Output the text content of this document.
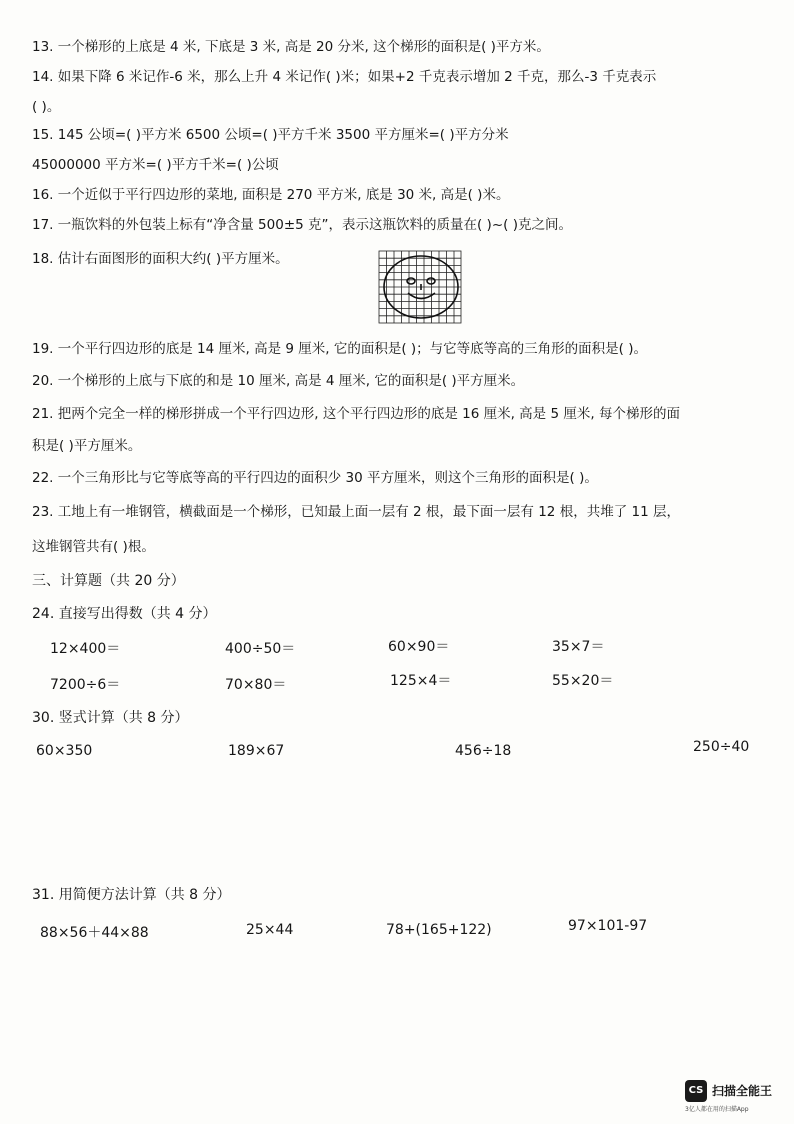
13. 一个梯形的上底是 4 米, 下底是 3 米, 高是 20 分米, 这个梯形的面积是( )平方米。
14. 如果下降 6 米记作-6 米，那么上升 4 米记作( )米；如果+2 千克表示增加 2 千克，那么-3 千克表示
( )。
15. 145 公顷=( )平方米 6500 公顷=( )平方千米 3500 平方厘米=( )平方分米
45000000 平方米=( )平方千米=( )公顷
16. 一个近似于平行四边形的菜地, 面积是 270 平方米, 底是 30 米, 高是( )米。
17. 一瓶饮料的外包装上标有“净含量 500±5 克”，表示这瓶饮料的质量在( )~( )克之间。
18. 估计右面图形的面积大约( )平方厘米。
19. 一个平行四边形的底是 14 厘米, 高是 9 厘米, 它的面积是( )；与它等底等高的三角形的面积是( )。
20. 一个梯形的上底与下底的和是 10 厘米, 高是 4 厘米, 它的面积是( )平方厘米。
21. 把两个完全一样的梯形拼成一个平行四边形, 这个平行四边形的底是 16 厘米, 高是 5 厘米, 每个梯形的面
积是( )平方厘米。
22. 一个三角形比与它等底等高的平行四边的面积少 30 平方厘米，则这个三角形的面积是( )。
23. 工地上有一堆钢管，横截面是一个梯形，已知最上面一层有 2 根，最下面一层有 12 根，共堆了 11 层，
这堆钢管共有( )根。
三、计算题（共 20 分）
24. 直接写出得数（共 4 分）
12×400＝	400÷50＝	60×90＝	35×7＝
7200÷6＝	70×80＝	125×4＝	55×20＝
30. 竖式计算（共 8 分）
60×350	189×67	456÷18	250÷40
31. 用简便方法计算（共 8 分）
88×56＋44×88	25×44	78+(165+122)	97×101-97
CS 扫描全能王
3亿人都在用的扫描App
